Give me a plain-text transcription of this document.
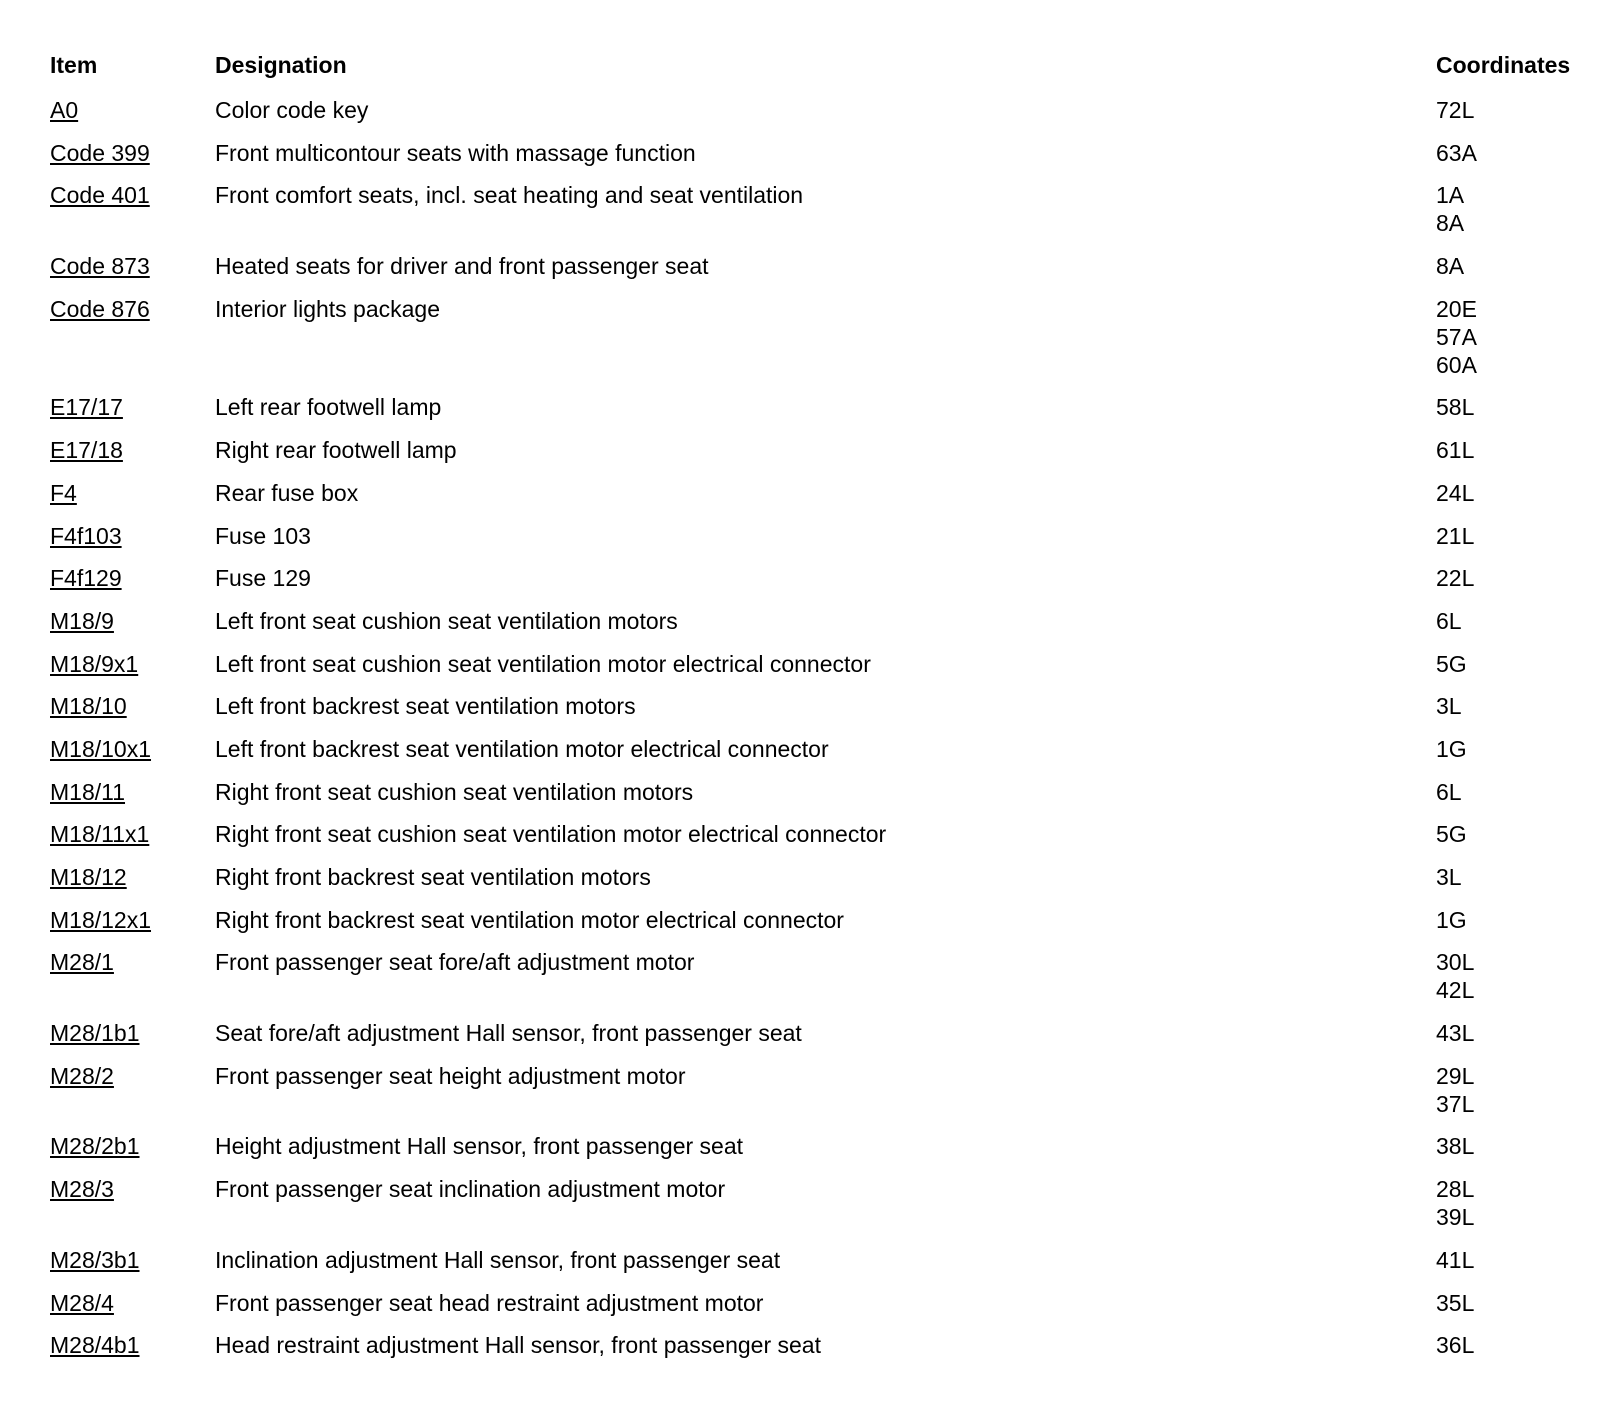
Item	Designation	Coordinates
A0	Color code key	72L
Code 399	Front multicontour seats with massage function	63A
Code 401	Front comfort seats, incl. seat heating and seat ventilation	1A
8A
Code 873	Heated seats for driver and front passenger seat	8A
Code 876	Interior lights package	20E
57A
60A
E17/17	Left rear footwell lamp	58L
E17/18	Right rear footwell lamp	61L
F4	Rear fuse box	24L
F4f103	Fuse 103	21L
F4f129	Fuse 129	22L
M18/9	Left front seat cushion seat ventilation motors	6L
M18/9x1	Left front seat cushion seat ventilation motor electrical connector	5G
M18/10	Left front backrest seat ventilation motors	3L
M18/10x1	Left front backrest seat ventilation motor electrical connector	1G
M18/11	Right front seat cushion seat ventilation motors	6L
M18/11x1	Right front seat cushion seat ventilation motor electrical connector	5G
M18/12	Right front backrest seat ventilation motors	3L
M18/12x1	Right front backrest seat ventilation motor electrical connector	1G
M28/1	Front passenger seat fore/aft adjustment motor	30L
42L
M28/1b1	Seat fore/aft adjustment Hall sensor, front passenger seat	43L
M28/2	Front passenger seat height adjustment motor	29L
37L
M28/2b1	Height adjustment Hall sensor, front passenger seat	38L
M28/3	Front passenger seat inclination adjustment motor	28L
39L
M28/3b1	Inclination adjustment Hall sensor, front passenger seat	41L
M28/4	Front passenger seat head restraint adjustment motor	35L
M28/4b1	Head restraint adjustment Hall sensor, front passenger seat	36L
